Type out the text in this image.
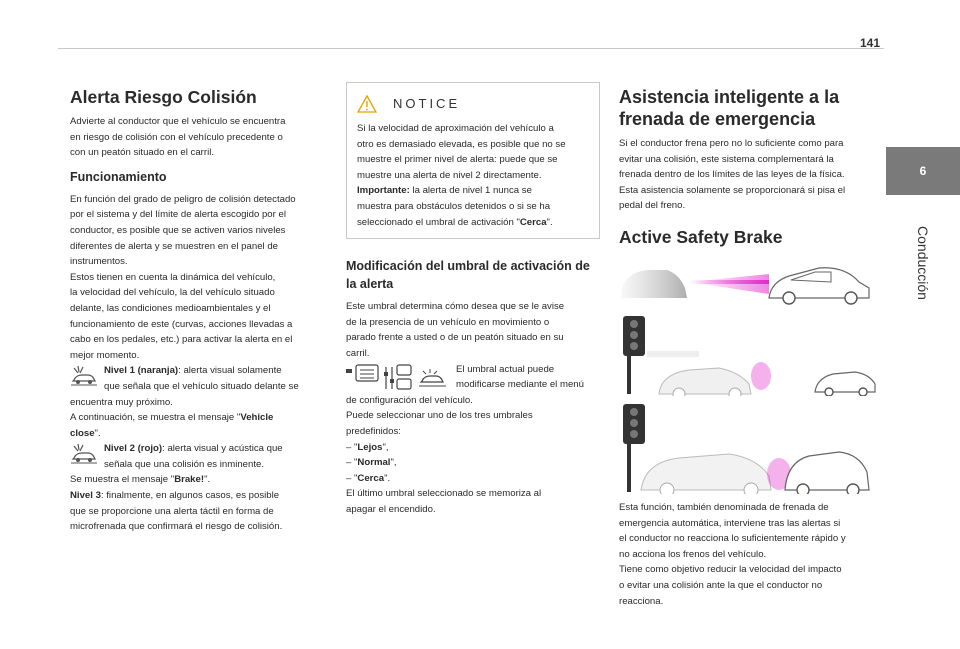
141
6
Conducción
Alerta Riesgo Colisión

Advierte al conductor que el vehículo se encuentra
en riesgo de colisión con el vehículo precedente o
con un peatón situado en el carril.

Funcionamiento

En función del grado de peligro de colisión detectado
por el sistema y del límite de alerta escogido por el
conductor, es posible que se activen varios niveles
diferentes de alerta y se muestren en el panel de
instrumentos.
Estos tienen en cuenta la dinámica del vehículo,
la velocidad del vehículo, la del vehículo situado
delante, las condiciones medioambientales y el
funcionamiento de este (curvas, acciones llevadas a
cabo en los pedales, etc.) para activar la alerta en el
mejor momento.

Nivel 1 (naranja): alerta visual solamente
que señala que el vehículo situado delante se

encuentra muy próximo.
A continuación, se muestra el mensaje "Vehicle
close".

Nivel 2 (rojo): alerta visual y acústica que
señala que una colisión es inminente.

Se muestra el mensaje "Brake!".
Nivel 3: finalmente, en algunos casos, es posible
que se proporcione una alerta táctil en forma de
microfrenada que confirmará el riesgo de colisión.

NOTICE

Si la velocidad de aproximación del vehículo a
otro es demasiado elevada, es posible que no se
muestre el primer nivel de alerta: puede que se
muestre una alerta de nivel 2 directamente.
Importante: la alerta de nivel 1 nunca se
muestra para obstáculos detenidos o si se ha
seleccionado el umbral de activación "Cerca".

Modificación del umbral de activación de
la alerta

Este umbral determina cómo desea que se le avise
de la presencia de un vehículo en movimiento o
parado frente a usted o de un peatón situado en su
carril.

El umbral actual puede
modificarse mediante el menú

de configuración del vehículo.
Puede seleccionar uno de los tres umbrales
predefinidos:
– "Lejos",
– "Normal",
– "Cerca".
El último umbral seleccionado se memoriza al
apagar el encendido.

Asistencia inteligente a la
frenada de emergencia

Si el conductor frena pero no lo suficiente como para
evitar una colisión, este sistema complementará la
frenada dentro de los límites de las leyes de la física.
Esta asistencia solamente se proporcionará si pisa el
pedal del freno.

Active Safety Brake

Esta función, también denominada de frenada de
emergencia automática, interviene tras las alertas si
el conductor no reacciona lo suficientemente rápido y
no acciona los frenos del vehículo.
Tiene como objetivo reducir la velocidad del impacto
o evitar una colisión ante la que el conductor no
reacciona.
